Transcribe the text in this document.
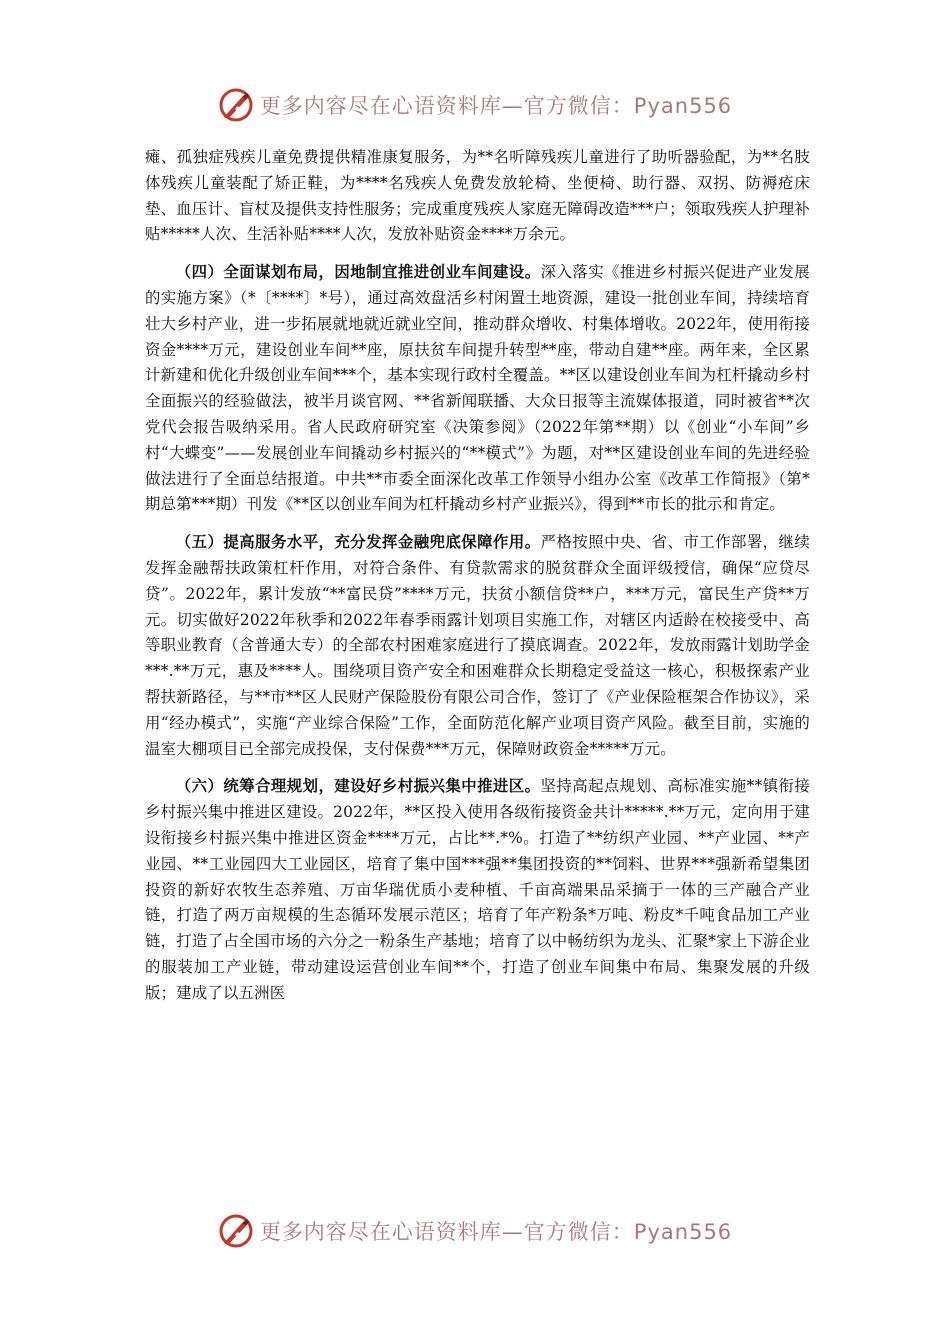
更多内容尽在心语资料库—官方微信：Pyan556

瘫、孤独症残疾儿童免费提供精准康复服务，为**名听障残疾儿童进行了助听器验配，为**名肢体残疾儿童装配了矫正鞋，为****名残疾人免费发放轮椅、坐便椅、助行器、双拐、防褥疮床垫、血压计、盲杖及提供支持性服务；完成重度残疾人家庭无障碍改造***户；领取残疾人护理补贴*****人次、生活补贴****人次，发放补贴资金****万余元。

（四）全面谋划布局，因地制宜推进创业车间建设。深入落实《推进乡村振兴促进产业发展的实施方案》（*〔****〕*号），通过高效盘活乡村闲置土地资源，建设一批创业车间，持续培育壮大乡村产业，进一步拓展就地就近就业空间，推动群众增收、村集体增收。2022年，使用衔接资金****万元，建设创业车间**座，原扶贫车间提升转型**座，带动自建**座。两年来，全区累计新建和优化升级创业车间***个，基本实现行政村全覆盖。**区以建设创业车间为杠杆撬动乡村全面振兴的经验做法，被半月谈官网、**省新闻联播、大众日报等主流媒体报道，同时被省**次党代会报告吸纳采用。省人民政府研究室《决策参阅》（2022年第**期）以《创业“小车间”乡村“大蝶变”——发展创业车间撬动乡村振兴的“**模式”》为题，对**区建设创业车间的先进经验做法进行了全面总结报道。中共**市委全面深化改革工作领导小组办公室《改革工作简报》（第*期总第***期）刊发《**区以创业车间为杠杆撬动乡村产业振兴》，得到**市长的批示和肯定。

（五）提高服务水平，充分发挥金融兜底保障作用。严格按照中央、省、市工作部署，继续发挥金融帮扶政策杠杆作用，对符合条件、有贷款需求的脱贫群众全面评级授信，确保“应贷尽贷”。2022年，累计发放“**富民贷”****万元，扶贫小额信贷**户，***万元，富民生产贷**万元。切实做好2022年秋季和2022年春季雨露计划项目实施工作，对辖区内适龄在校接受中、高等职业教育（含普通大专）的全部农村困难家庭进行了摸底调查。2022年，发放雨露计划助学金***.**万元，惠及****人。围绕项目资产安全和困难群众长期稳定受益这一核心，积极探索产业帮扶新路径，与**市**区人民财产保险股份有限公司合作，签订了《产业保险框架合作协议》，采用“经办模式”，实施“产业综合保险”工作，全面防范化解产业项目资产风险。截至目前，实施的温室大棚项目已全部完成投保，支付保费***万元，保障财政资金*****万元。

（六）统筹合理规划，建设好乡村振兴集中推进区。坚持高起点规划、高标准实施**镇衔接乡村振兴集中推进区建设。2022年，**区投入使用各级衔接资金共计*****.**万元，定向用于建设衔接乡村振兴集中推进区资金****万元，占比**.*%。打造了**纺织产业园、**产业园、**产业园、**工业园四大工业园区，培育了集中国***强**集团投资的**饲料、世界***强新希望集团投资的新好农牧生态养殖、万亩华瑞优质小麦种植、千亩高端果品采摘于一体的三产融合产业链，打造了两万亩规模的生态循环发展示范区；培育了年产粉条*万吨、粉皮*千吨食品加工产业链，打造了占全国市场的六分之一粉条生产基地；培育了以中畅纺织为龙头、汇聚*家上下游企业的服装加工产业链，带动建设运营创业车间**个，打造了创业车间集中布局、集聚发展的升级版；建成了以五洲医

更多内容尽在心语资料库—官方微信：Pyan556
